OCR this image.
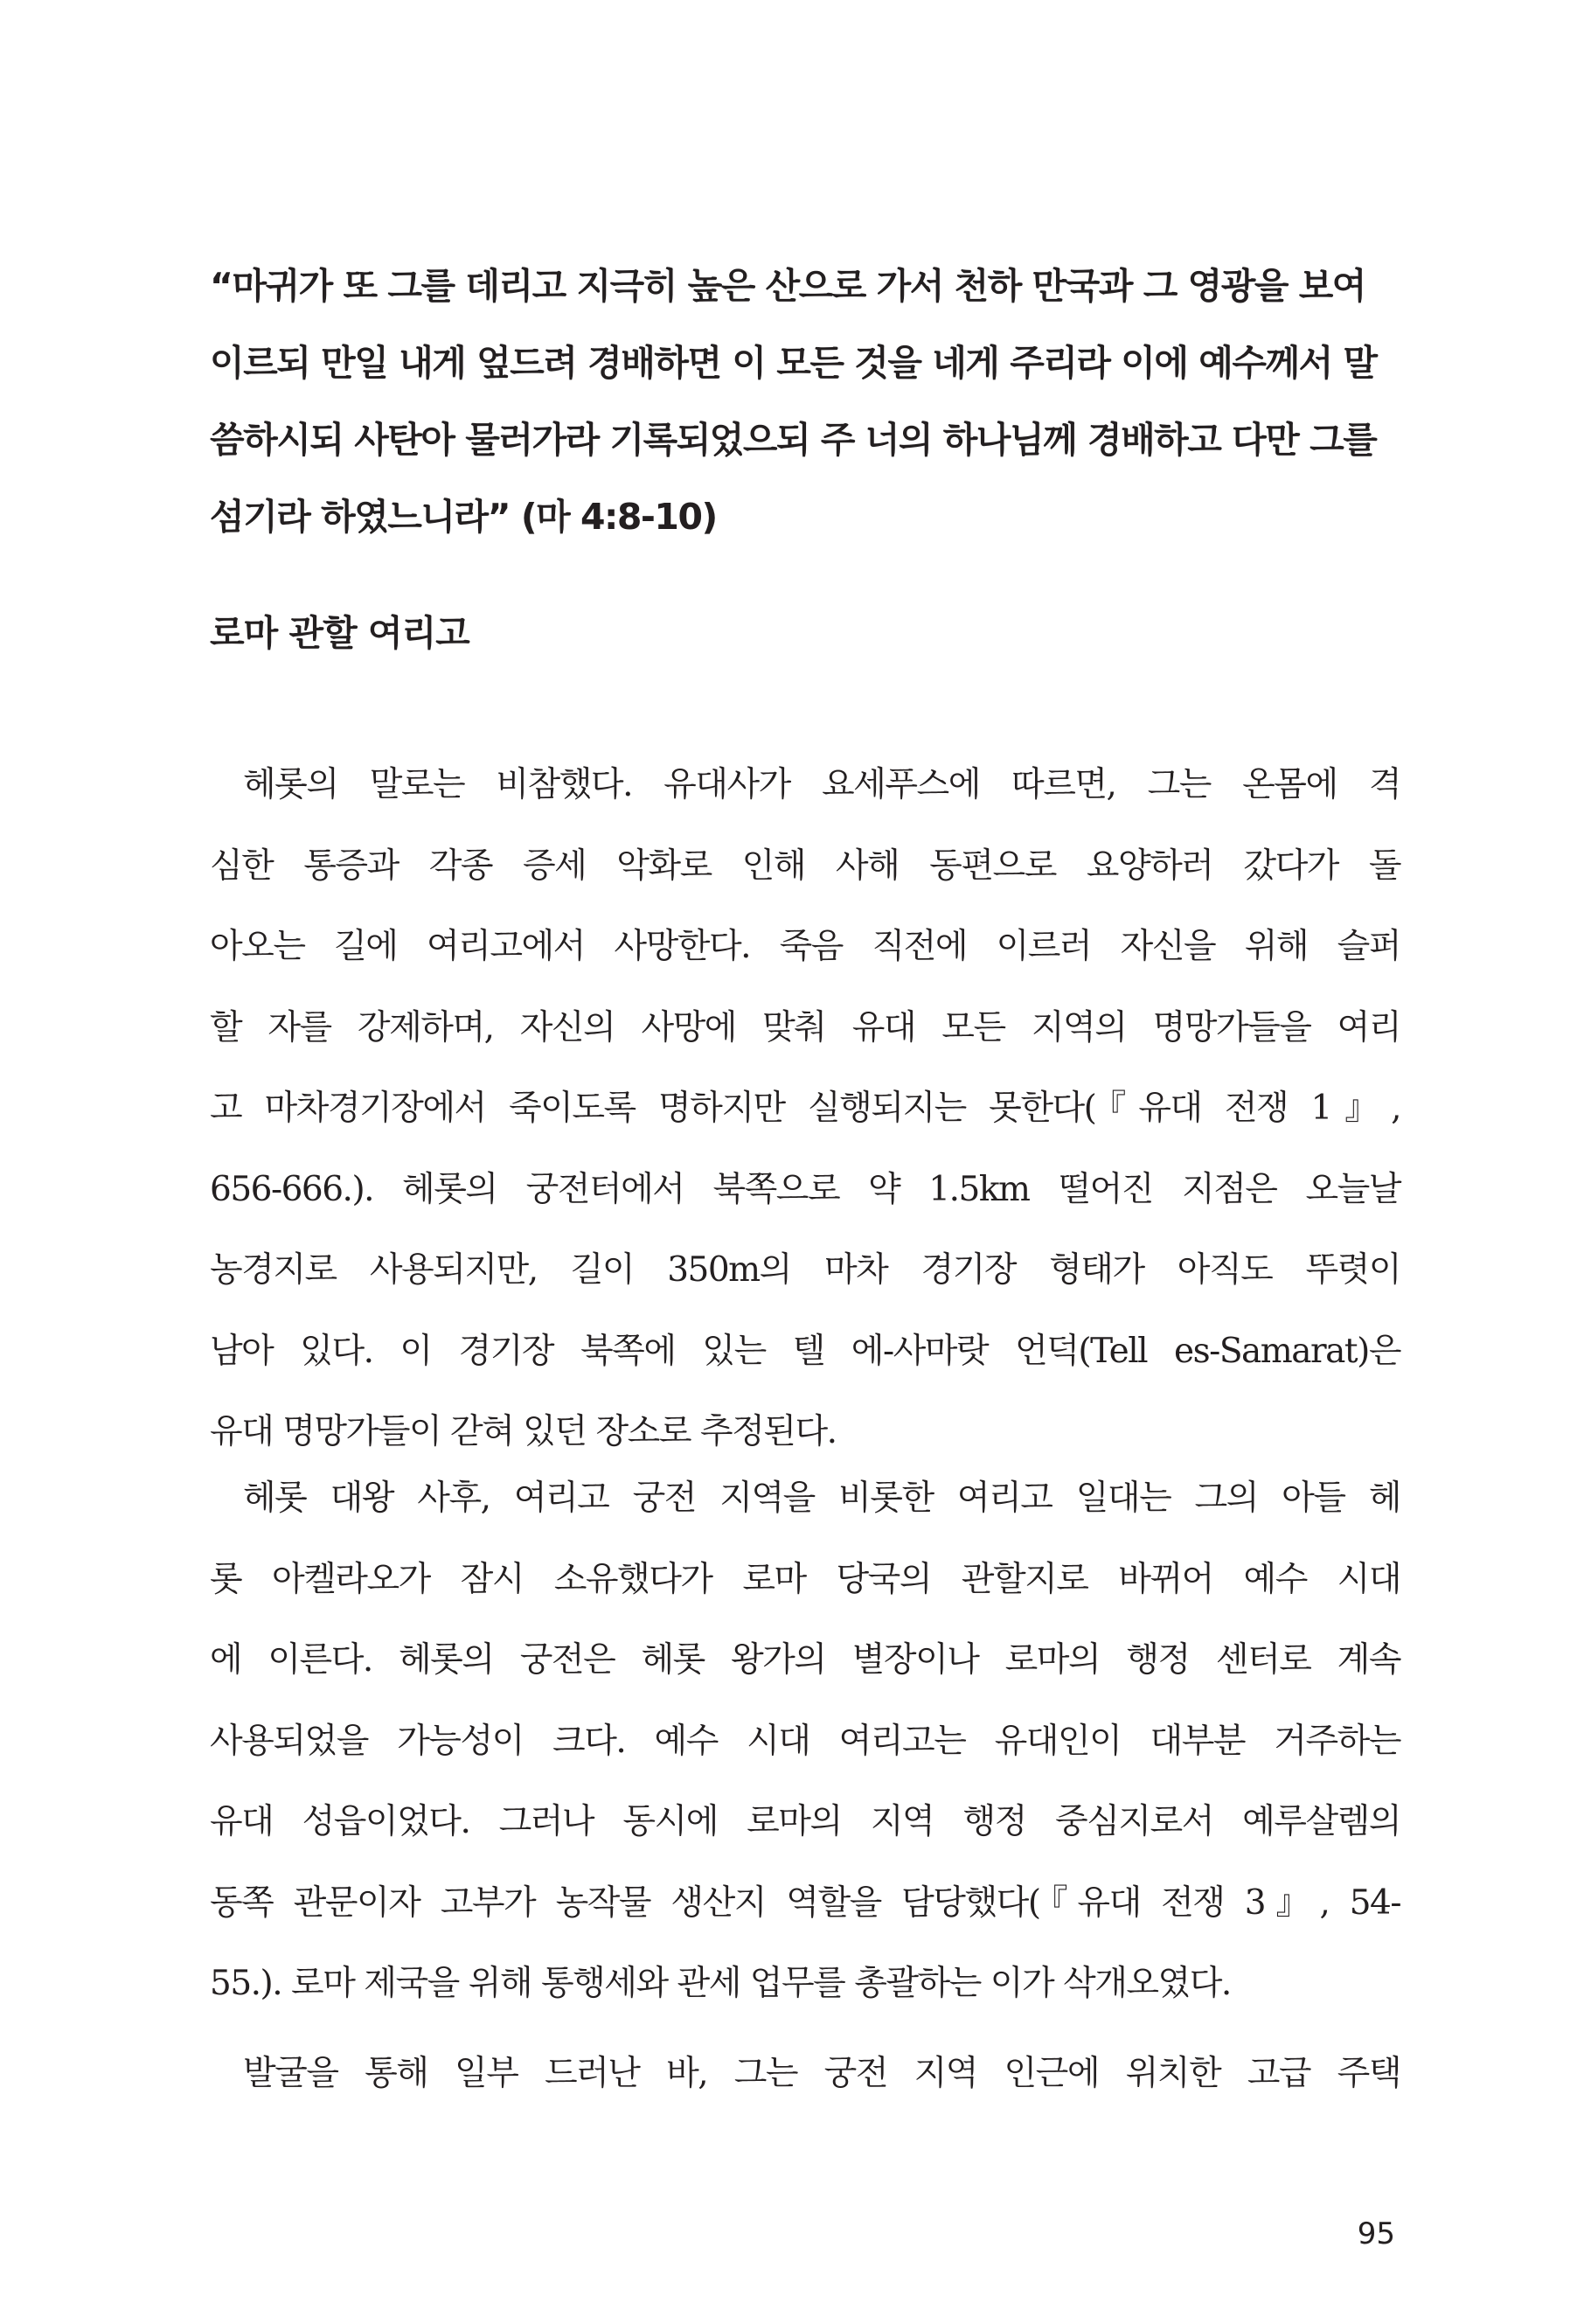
“마귀가 또 그를 데리고 지극히 높은 산으로 가서 천하 만국과 그 영광을 보여
이르되 만일 내게 엎드려 경배하면 이 모든 것을 네게 주리라 이에 예수께서 말
씀하시되 사탄아 물러가라 기록되었으되 주 너의 하나님께 경배하고 다만 그를
섬기라 하였느니라” (마 4:8-10)
로마 관할 여리고
헤롯의 말로는 비참했다. 유대사가 요세푸스에 따르면, 그는 온몸에 격
심한 통증과 각종 증세 악화로 인해 사해 동편으로 요양하러 갔다가 돌
아오는 길에 여리고에서 사망한다. 죽음 직전에 이르러 자신을 위해 슬퍼
할 자를 강제하며, 자신의 사망에 맞춰 유대 모든 지역의 명망가들을 여리
고 마차경기장에서 죽이도록 명하지만 실행되지는 못한다(『유대 전쟁 1』,
656-666.). 헤롯의 궁전터에서 북쪽으로 약 1.5km 떨어진 지점은 오늘날
농경지로 사용되지만, 길이 350m의 마차 경기장 형태가 아직도 뚜렷이
남아 있다. 이 경기장 북쪽에 있는 텔 에-사마랏 언덕(Tell es-Samarat)은
유대 명망가들이 갇혀 있던 장소로 추정된다.
헤롯 대왕 사후, 여리고 궁전 지역을 비롯한 여리고 일대는 그의 아들 헤
롯 아켈라오가 잠시 소유했다가 로마 당국의 관할지로 바뀌어 예수 시대
에 이른다. 헤롯의 궁전은 헤롯 왕가의 별장이나 로마의 행정 센터로 계속
사용되었을 가능성이 크다. 예수 시대 여리고는 유대인이 대부분 거주하는
유대 성읍이었다. 그러나 동시에 로마의 지역 행정 중심지로서 예루살렘의
동쪽 관문이자 고부가 농작물 생산지 역할을 담당했다(『유대 전쟁 3』, 54-
55.). 로마 제국을 위해 통행세와 관세 업무를 총괄하는 이가 삭개오였다.
발굴을 통해 일부 드러난 바, 그는 궁전 지역 인근에 위치한 고급 주택
95
